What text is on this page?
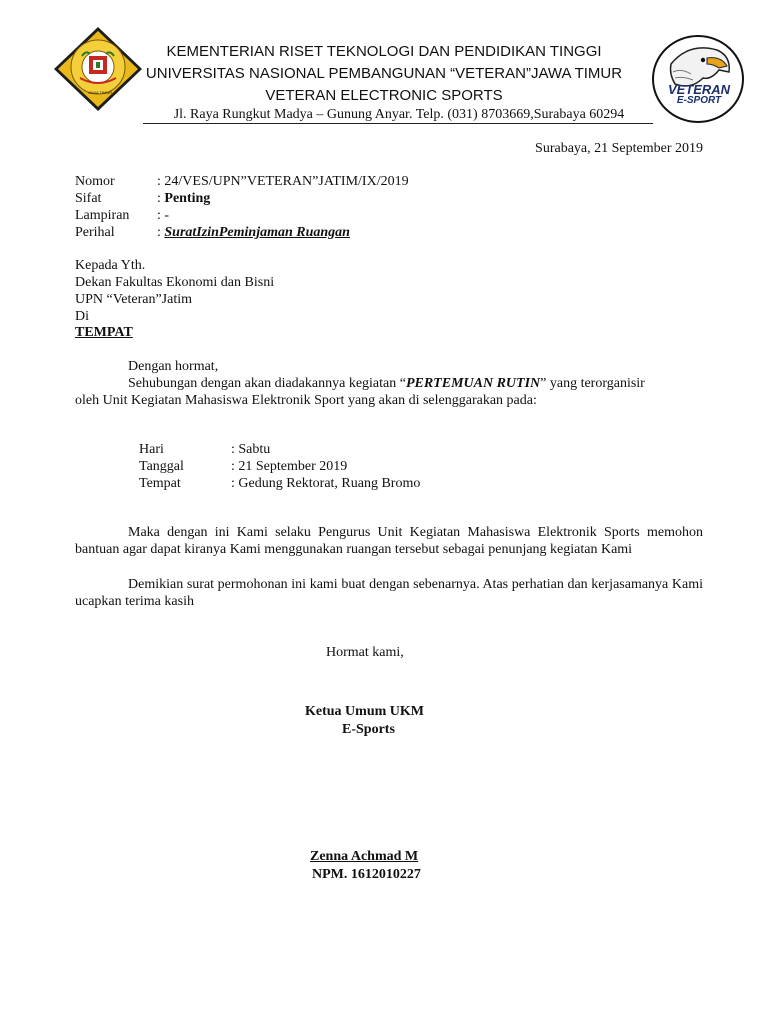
JAWA TIMUR	VETERAN
E-SPORT
KEMENTERIAN RISET TEKNOLOGI DAN PENDIDIKAN TINGGI
UNIVERSITAS NASIONAL PEMBANGUNAN “VETERAN”JAWA TIMUR
VETERAN ELECTRONIC SPORTS
Jl. Raya Rungkut Madya – Gunung Anyar. Telp. (031) 8703669,Surabaya 60294
Surabaya, 21 September 2019
Nomor	: 24/VES/UPN”VETERAN”JATIM/IX/2019
Sifat	: Penting
Lampiran : -
Perihal	: SuratIzinPeminjaman Ruangan
Kepada Yth.
Dekan Fakultas Ekonomi dan Bisni
UPN “Veteran”Jatim
Di
TEMPAT
Dengan hormat,
Sehubungan dengan akan diadakannya kegiatan “PERTEMUAN RUTIN” yang terorganisir
oleh Unit Kegiatan Mahasiswa Elektronik Sport yang akan di selenggarakan pada:
Hari	: Sabtu
Tanggal	: 21 September 2019
Tempat	: Gedung Rektorat, Ruang Bromo
Maka dengan ini Kami selaku Pengurus Unit Kegiatan Mahasiswa Elektronik Sports memohon bantuan agar dapat kiranya Kami menggunakan ruangan tersebut sebagai penunjang kegiatan Kami
Demikian surat permohonan ini kami buat dengan sebenarnya. Atas perhatian dan kerjasamanya Kami ucapkan terima kasih
Hormat kami,
Ketua Umum UKM
E-Sports
Zenna Achmad M
NPM. 1612010227
